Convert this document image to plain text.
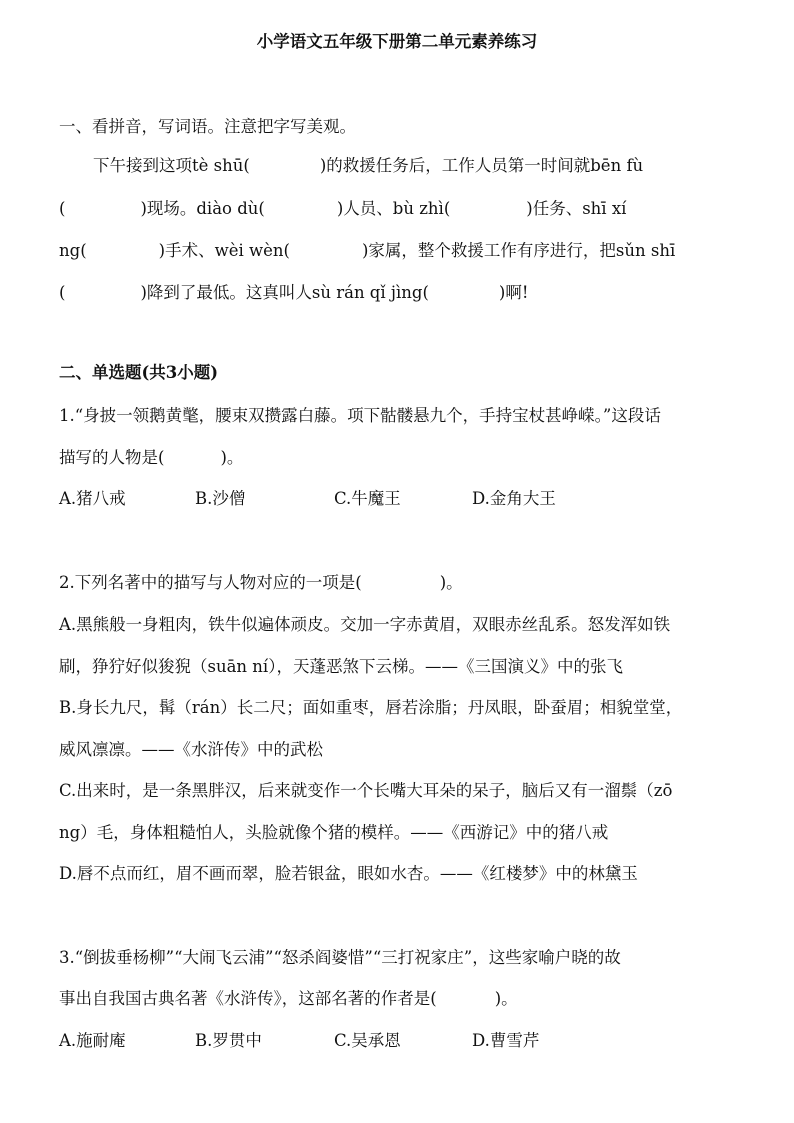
小学语文五年级下册第二单元素养练习
一、看拼音，写词语。注意把字写美观。
下午接到这项tè shū(	)的救援任务后，工作人员第一时间就bēn fù
(	)现场。diào dù(	)人员、bù zhì(	)任务、shī xí
ng(	)手术、wèi wèn(	)家属，整个救援工作有序进行，把sǔn shī
(	)降到了最低。这真叫人sù rán qǐ jìng(	)啊!
二、单选题(共3小题)
1.“身披一领鹅黄氅，腰束双攒露白藤。项下骷髅悬九个，手持宝杖甚峥嵘。”这段话
描写的人物是(	)。
A.猪八戒	B.沙僧	C.牛魔王	D.金角大王
2.下列名著中的描写与人物对应的一项是(	)。
A.黑熊般一身粗肉，铁牛似遍体顽皮。交加一字赤黄眉，双眼赤丝乱系。怒发浑如铁
刷，狰狞好似狻猊（suān ní），天蓬恶煞下云梯。——《三国演义》中的张飞
B.身长九尺，髯（rán）长二尺；面如重枣，唇若涂脂；丹凤眼，卧蚕眉；相貌堂堂，
威风凛凛。——《水浒传》中的武松
C.出来时，是一条黑胖汉，后来就变作一个长嘴大耳朵的呆子，脑后又有一溜鬃（zō
ng）毛，身体粗糙怕人，头脸就像个猪的模样。——《西游记》中的猪八戒
D.唇不点而红，眉不画而翠，脸若银盆，眼如水杏。——《红楼梦》中的林黛玉
3.“倒拔垂杨柳”“大闹飞云浦”“怒杀阎婆惜”“三打祝家庄”，这些家喻户晓的故
事出自我国古典名著《水浒传》，这部名著的作者是(	)。
A.施耐庵	B.罗贯中	C.吴承恩	D.曹雪芹
